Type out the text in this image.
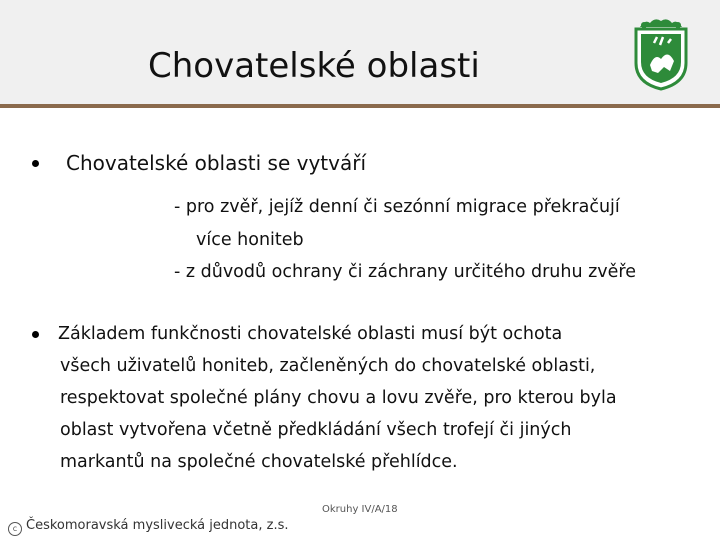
Chovatelské oblasti
Chovatelské oblasti se vytváří
- pro zvěř, jejíž denní či sezónní migrace překračují
více honiteb
- z důvodů ochrany či záchrany určitého druhu zvěře
Základem funkčnosti chovatelské oblasti musí být ochota
všech uživatelů honiteb, začleněných do chovatelské oblasti,
respektovat společné plány chovu a lovu zvěře, pro kterou byla
oblast vytvořena včetně předkládání všech trofejí či jiných
markantů na společné chovatelské přehlídce.
Okruhy IV/A/18
c Českomoravská myslivecká jednota, z.s.
